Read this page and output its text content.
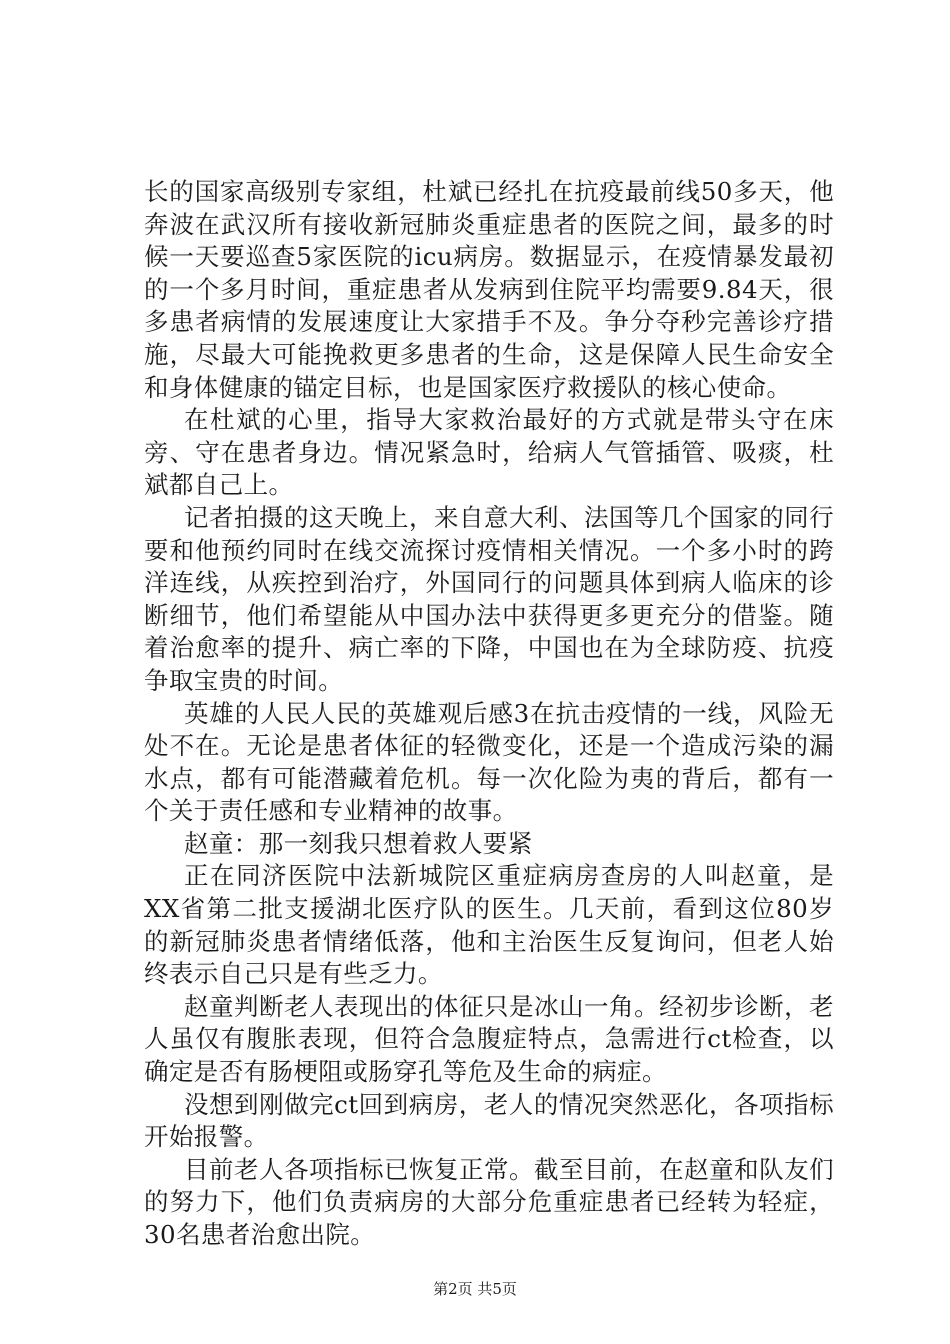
长的国家高级别专家组，杜斌已经扎在抗疫最前线50多天，他奔波在武汉所有接收新冠肺炎重症患者的医院之间，最多的时候一天要巡查5家医院的icu病房。数据显示，在疫情暴发最初的一个多月时间，重症患者从发病到住院平均需要9.84天，很多患者病情的发展速度让大家措手不及。争分夺秒完善诊疗措施，尽最大可能挽救更多患者的生命，这是保障人民生命安全和身体健康的锚定目标，也是国家医疗救援队的核心使命。

在杜斌的心里，指导大家救治最好的方式就是带头守在床旁、守在患者身边。情况紧急时，给病人气管插管、吸痰，杜斌都自己上。

记者拍摄的这天晚上，来自意大利、法国等几个国家的同行要和他预约同时在线交流探讨疫情相关情况。一个多小时的跨洋连线，从疾控到治疗，外国同行的问题具体到病人临床的诊断细节，他们希望能从中国办法中获得更多更充分的借鉴。随着治愈率的提升、病亡率的下降，中国也在为全球防疫、抗疫争取宝贵的时间。

英雄的人民人民的英雄观后感3在抗击疫情的一线，风险无处不在。无论是患者体征的轻微变化，还是一个造成污染的漏水点，都有可能潜藏着危机。每一次化险为夷的背后，都有一个关于责任感和专业精神的故事。

赵童：那一刻我只想着救人要紧

正在同济医院中法新城院区重症病房查房的人叫赵童，是XX省第二批支援湖北医疗队的医生。几天前，看到这位80岁的新冠肺炎患者情绪低落，他和主治医生反复询问，但老人始终表示自己只是有些乏力。

赵童判断老人表现出的体征只是冰山一角。经初步诊断，老人虽仅有腹胀表现，但符合急腹症特点，急需进行ct检查，以确定是否有肠梗阻或肠穿孔等危及生命的病症。

没想到刚做完ct回到病房，老人的情况突然恶化，各项指标开始报警。

目前老人各项指标已恢复正常。截至目前，在赵童和队友们的努力下，他们负责病房的大部分危重症患者已经转为轻症，30名患者治愈出院。

第2页 共5页
